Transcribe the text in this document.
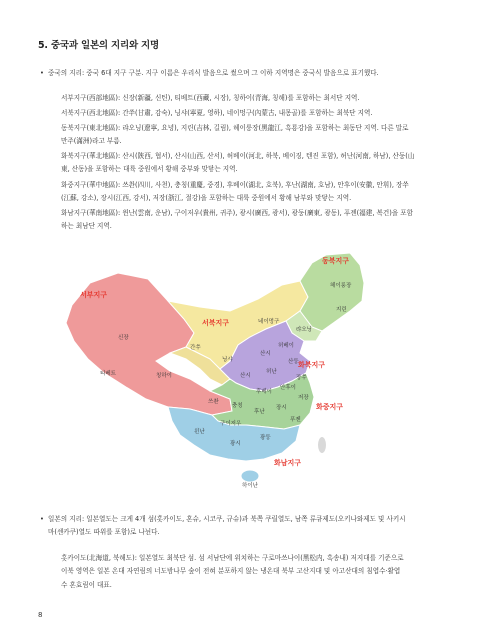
5. 중국과 일본의 지리와 지명
• 중국의 지리: 중국 6대 지구 구분. 지구 이름은 우리식 발음으로 썼으며 그 이하 지역명은 중국식 발음으로 표기했다.
서부지구(西部地區): 신장(新疆, 신틴), 티베트(西藏, 시장), 칭하이(青海, 칭해)를 포함하는 최서단 지역.
서북지구(西北地區): 간쑤(甘肅, 감숙), 닝샤(寧夏, 영하), 네이멍구(內蒙古, 내몽골)를 포함하는 최북단 지역.
동북지구(東北地區): 랴오닝(遼寧, 요녕), 지린(吉林, 길림), 헤이룽장(黑龍江, 흑룡강)을 포함하는 최동단 지역. 다른 말로
만주(滿洲)라고 부름.
화북지구(華北地區): 산시(陝西, 협서), 산시(山西, 산서), 허베이(河北, 하북, 베이징, 텐진 포함), 허난(河南, 하남), 산둥(山
東, 산동)을 포함하는 대륙 중원에서 황해 중부와 맞닿는 지역.
화중지구(華中地區): 쓰촨(四川, 사천), 충칭(重慶, 중경), 후베이(湖北, 호북), 후난(湖南, 호남), 안후이(安徽, 안휘), 장쑤
(江蘇, 강소), 장시(江西, 강서), 저장(浙江, 절강)을 포함하는 대륙 중원에서 황해 남부와 맞닿는 지역.
화남지구(華南地區): 윈난(雲南, 운남), 구이저우(貴州, 귀주), 광시(廣西, 광서), 광둥(廣東, 광동), 푸젠(福建, 복건)을 포함
하는 최남단 지역.
서부지구
서북지구
동북지구
화북지구
화중지구
화남지구
헤이룽장
지린
랴오닝
네이멍구
신장
간쑤
칭하이
티베트
닝샤
산시
산시
허베이
산둥
허난
장쑤
안후이
후베이
쓰촨
충칭
후난
장시
저장
푸젠
구이저우
윈난
광시
광둥
하이난
• 일본의 지리: 일본열도는 크게 4개 섬(홋카이도, 혼슈, 시코쿠, 규슈)과 북쪽 쿠릴열도, 남쪽 류큐제도(오키나와제도 및 사키시
마(센카쿠)열도 따위를 포함)로 나뉜다.
홋카이도(北海道, 북해도): 일본열도 최북단 섬. 섬 서남단에 위치하는 구로마쓰나이(黑松内, 흑송내) 저지대를 기준으로
이북 영역은 일본 온대 자연림의 너도밤나무 숲이 전혀 분포하지 않는 냉온대 북부 고산지대 및 아고산대의 침엽수·활엽
수 혼효림이 대표.
8
